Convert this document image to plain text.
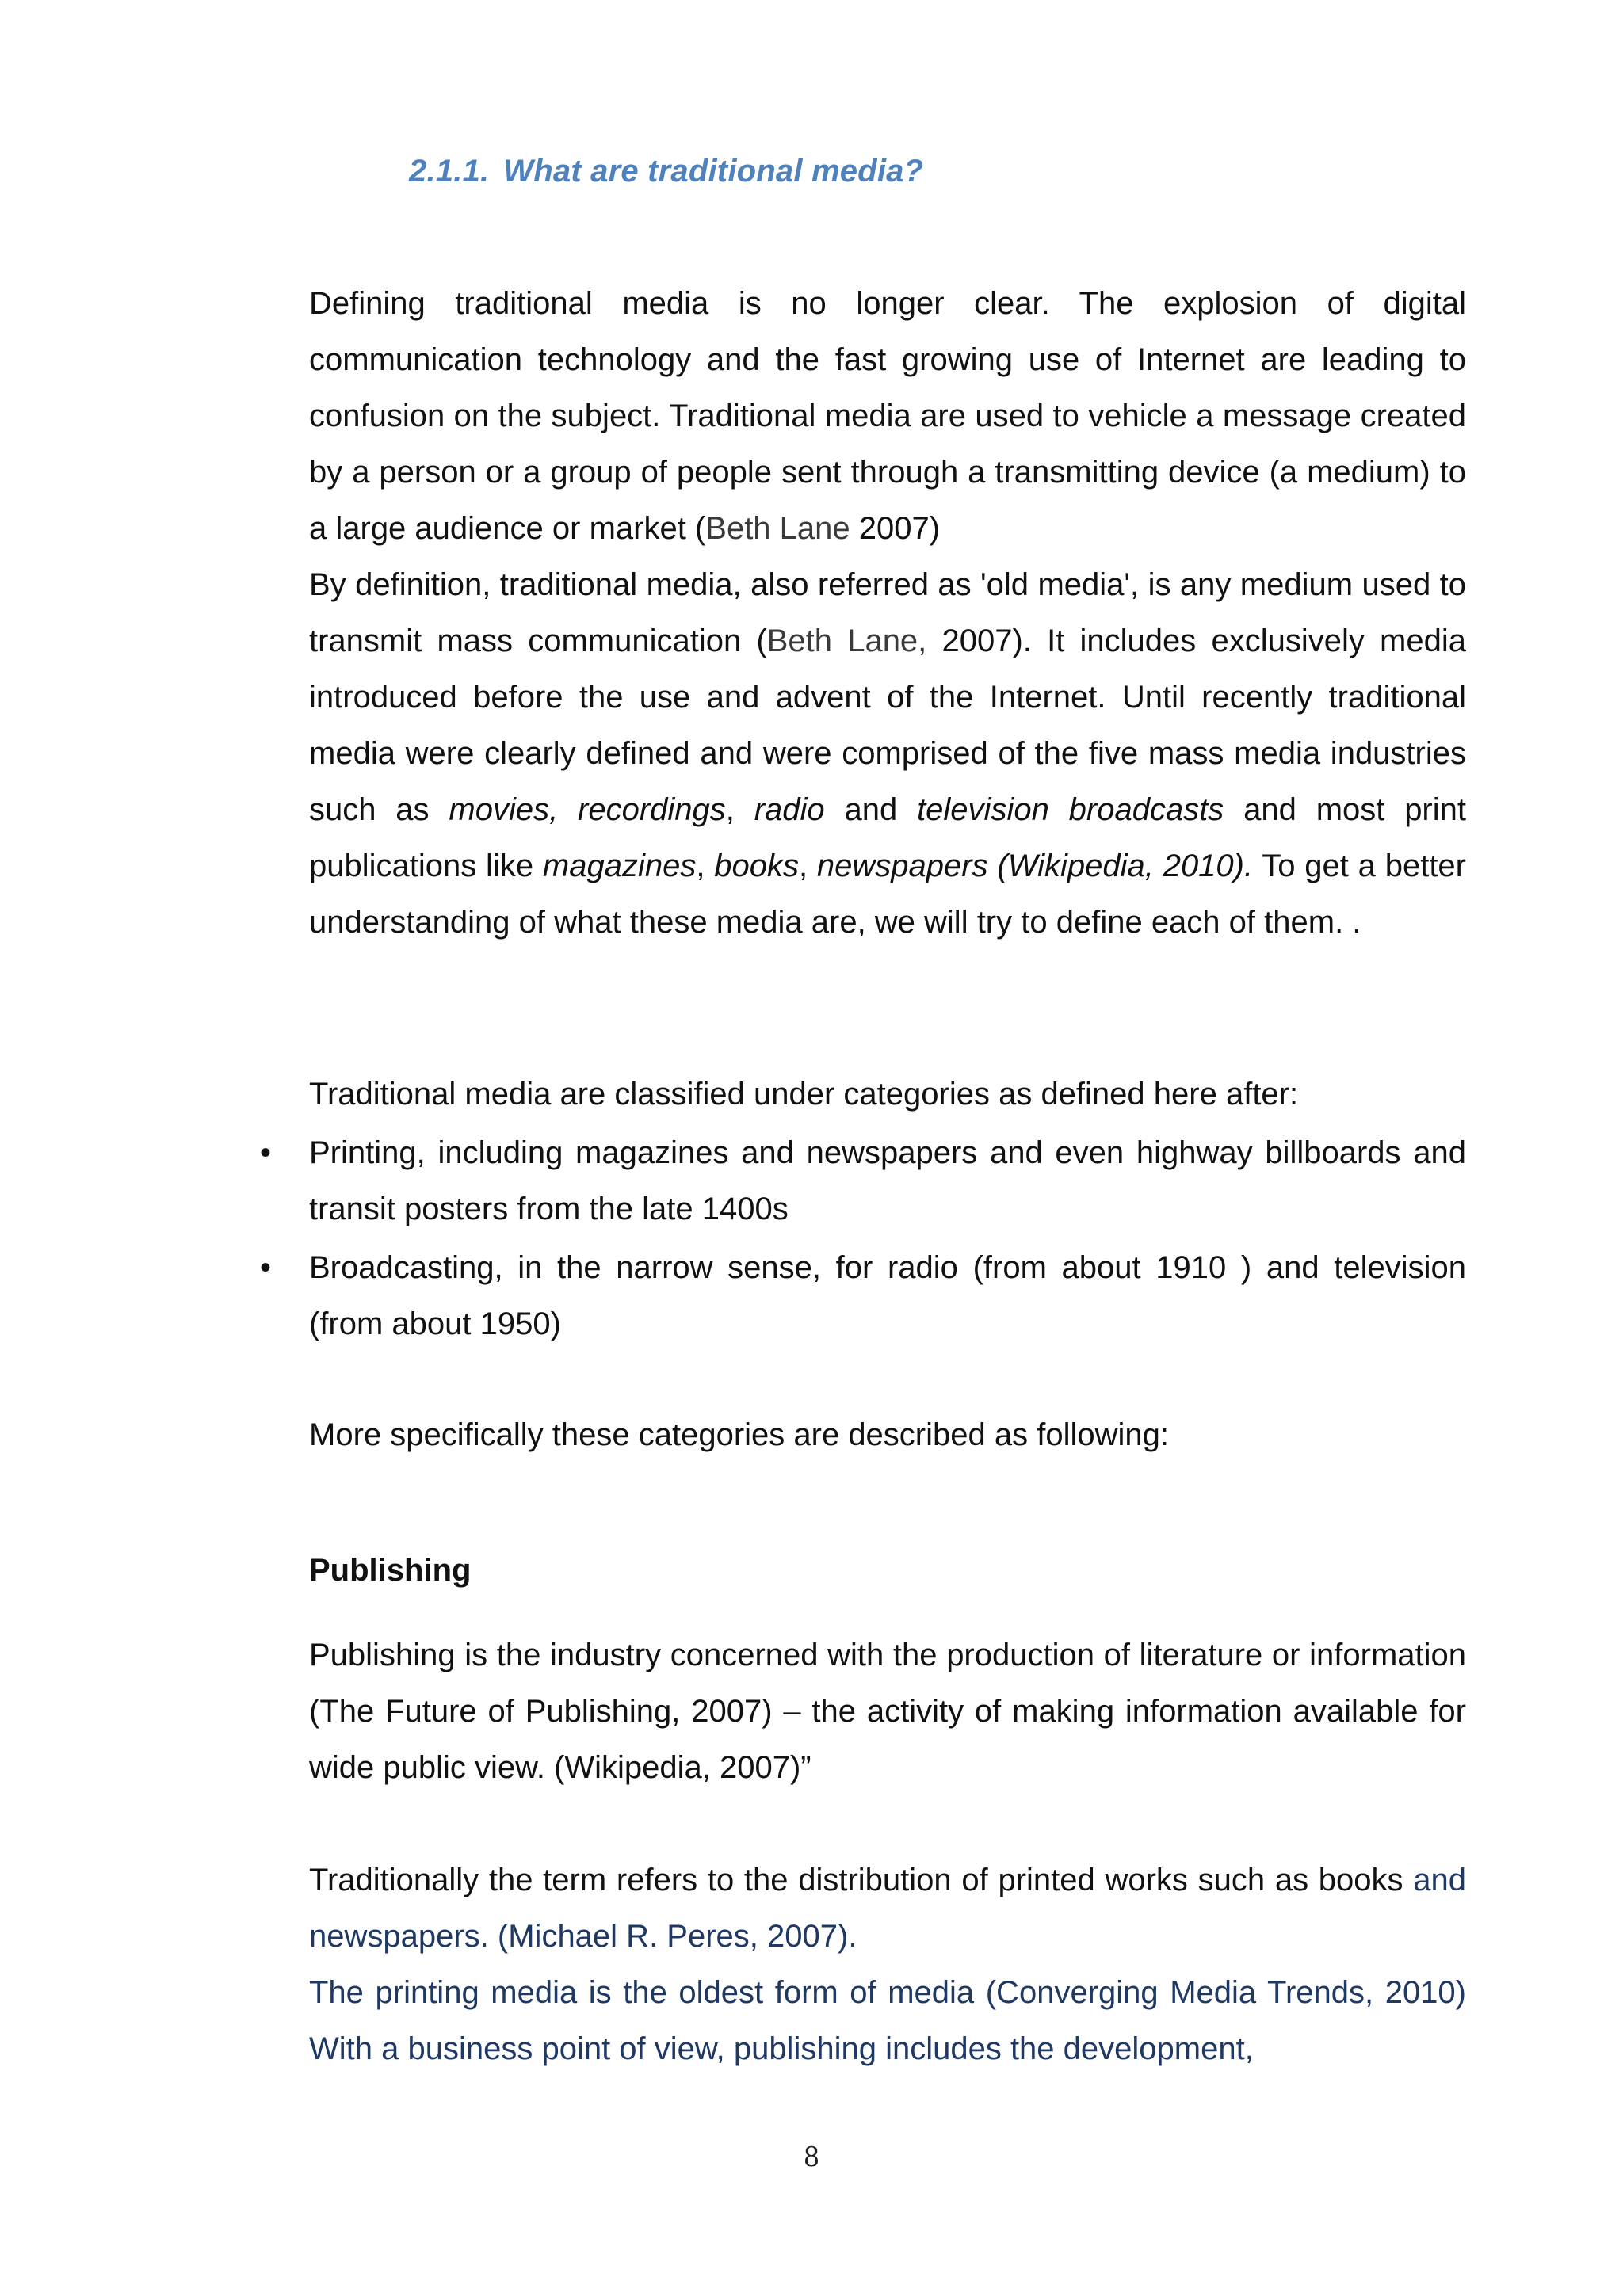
2.1.1. What are traditional media?
Defining traditional media is no longer clear. The explosion of digital communication technology and the fast growing use of Internet are leading to confusion on the subject. Traditional media are used to vehicle a message created by a person or a group of people sent through a transmitting device (a medium) to a large audience or market (Beth Lane 2007)
By definition, traditional media, also referred as 'old media', is any medium used to transmit mass communication (Beth Lane, 2007). It includes exclusively media introduced before the use and advent of the Internet. Until recently traditional media were clearly defined and were comprised of the five mass media industries such as movies, recordings, radio and television broadcasts and most print publications like magazines, books, newspapers (Wikipedia, 2010). To get a better understanding of what these media are, we will try to define each of them. .
Traditional media are classified under categories as defined here after:
• Printing, including magazines and newspapers and even highway billboards and transit posters from the late 1400s
• Broadcasting, in the narrow sense, for radio (from about 1910 ) and television (from about 1950)
More specifically these categories are described as following:
Publishing
Publishing is the industry concerned with the production of literature or information (The Future of Publishing, 2007) – the activity of making information available for wide public view. (Wikipedia, 2007)”
Traditionally the term refers to the distribution of printed works such as books and newspapers. (Michael R. Peres, 2007).
The printing media is the oldest form of media (Converging Media Trends, 2010) With a business point of view, publishing includes the development,
8
